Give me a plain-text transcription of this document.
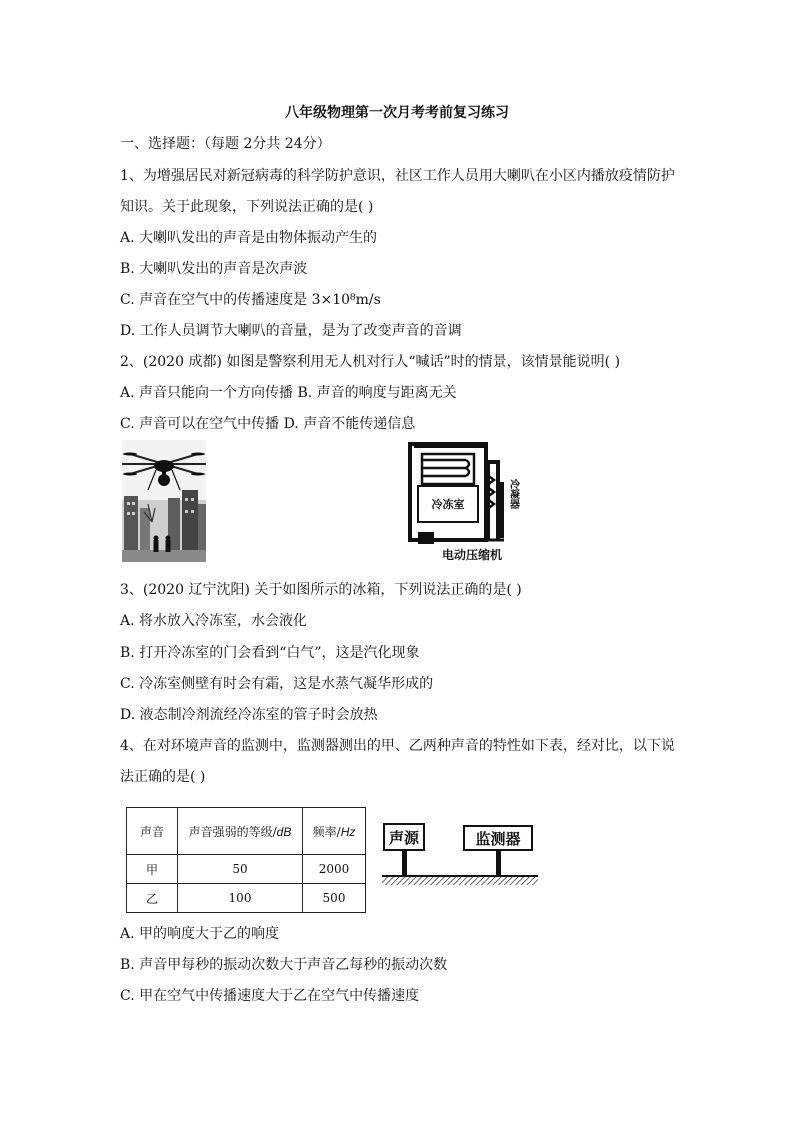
八年级物理第一次月考考前复习练习
一、选择题：（每题 2分共 24分）
1、为增强居民对新冠病毒的科学防护意识，社区工作人员用大喇叭在小区内播放疫情防护
知识。关于此现象，下列说法正确的是( )
A. 大喇叭发出的声音是由物体振动产生的
B. 大喇叭发出的声音是次声波
C. 声音在空气中的传播速度是 3×10⁸m/s
D. 工作人员调节大喇叭的音量，是为了改变声音的音调
2、(2020 成都) 如图是警察利用无人机对行人“喊话”时的情景，该情景能说明( )
A. 声音只能向一个方向传播 B. 声音的响度与距离无关
C. 声音可以在空气中传播 D. 声音不能传递信息
冷冻室	冷凝器
电动压缩机
3、(2020 辽宁沈阳) 关于如图所示的冰箱，下列说法正确的是( )
A. 将水放入冷冻室，水会液化
B. 打开冷冻室的门会看到“白气”，这是汽化现象
C. 冷冻室侧壁有时会有霜，这是水蒸气凝华形成的
D. 液态制冷剂流经冷冻室的管子时会放热
4、在对环境声音的监测中，监测器测出的甲、乙两种声音的特性如下表，经对比，以下说
法正确的是( )
声音	声音强弱的等级/dB	频率/Hz
甲	50	2000
乙	100	500
声源	监测器
A. 甲的响度大于乙的响度
B. 声音甲每秒的振动次数大于声音乙每秒的振动次数
C. 甲在空气中传播速度大于乙在空气中传播速度
